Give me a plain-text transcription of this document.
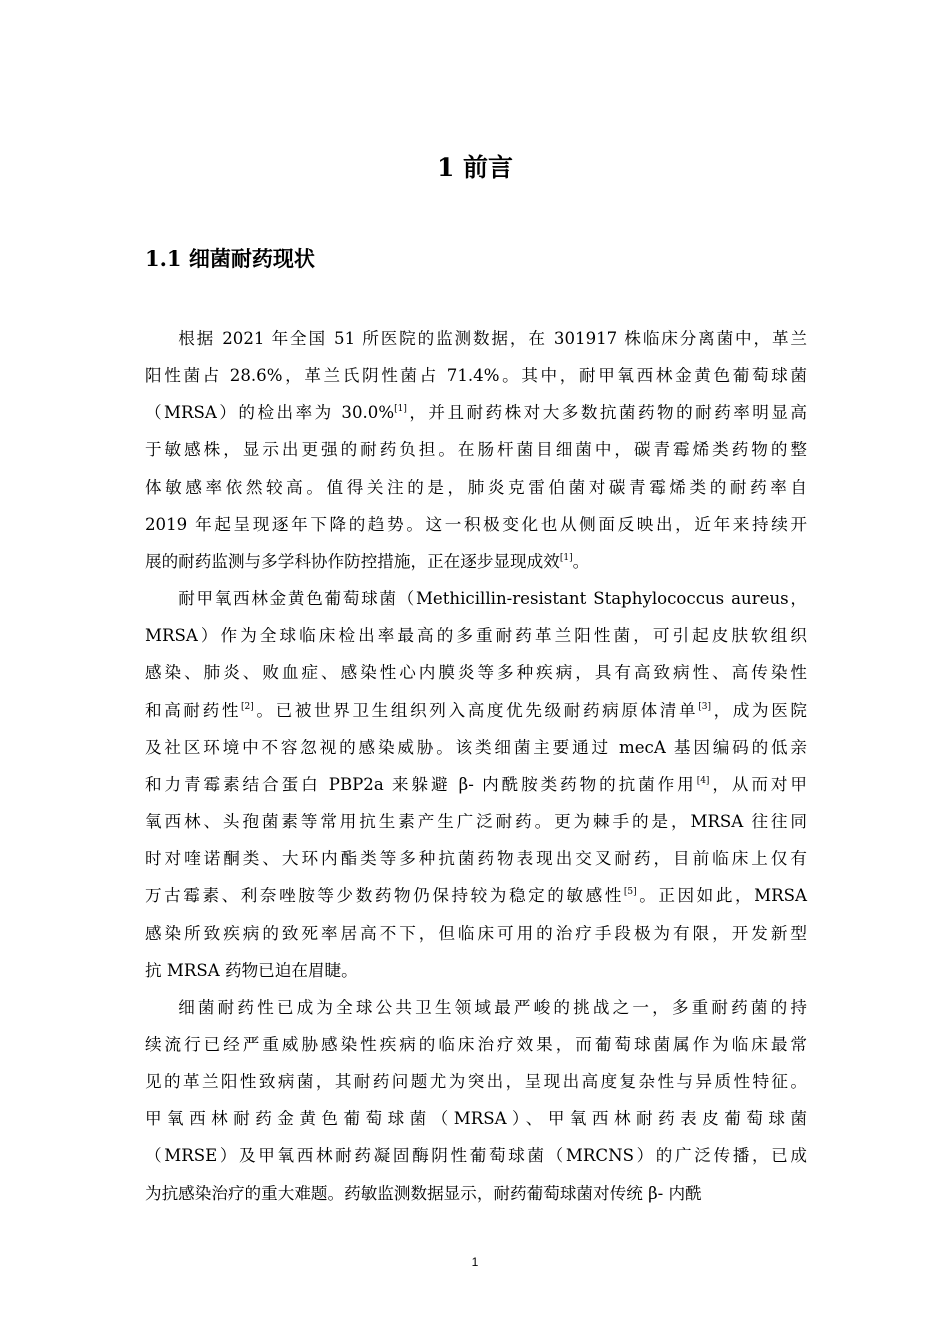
1 前言
1.1 细菌耐药现状

根据 2021 年全国 51 所医院的监测数据，在 301917 株临床分离菌中，革兰
阳性菌占 28.6%，革兰氏阴性菌占 71.4%。其中，耐甲氧西林金黄色葡萄球菌
（MRSA）的检出率为 30.0%[1]，并且耐药株对大多数抗菌药物的耐药率明显高
于敏感株，显示出更强的耐药负担。在肠杆菌目细菌中，碳青霉烯类药物的整
体敏感率依然较高。值得关注的是，肺炎克雷伯菌对碳青霉烯类的耐药率自
2019 年起呈现逐年下降的趋势。这一积极变化也从侧面反映出，近年来持续开
展的耐药监测与多学科协作防控措施，正在逐步显现成效[1]。

耐甲氧西林金黄色葡萄球菌（Methicillin-resistant Staphylococcus aureus，
MRSA）作为全球临床检出率最高的多重耐药革兰阳性菌，可引起皮肤软组织
感染、肺炎、败血症、感染性心内膜炎等多种疾病，具有高致病性、高传染性
和高耐药性[2]。已被世界卫生组织列入高度优先级耐药病原体清单[3]，成为医院
及社区环境中不容忽视的感染威胁。该类细菌主要通过 mecA 基因编码的低亲
和力青霉素结合蛋白 PBP2a 来躲避 β- 内酰胺类药物的抗菌作用[4]，从而对甲
氧西林、头孢菌素等常用抗生素产生广泛耐药。更为棘手的是，MRSA 往往同
时对喹诺酮类、大环内酯类等多种抗菌药物表现出交叉耐药，目前临床上仅有
万古霉素、利奈唑胺等少数药物仍保持较为稳定的敏感性[5]。正因如此，MRSA
感染所致疾病的致死率居高不下，但临床可用的治疗手段极为有限，开发新型
抗 MRSA 药物已迫在眉睫。

细菌耐药性已成为全球公共卫生领域最严峻的挑战之一，多重耐药菌的持
续流行已经严重威胁感染性疾病的临床治疗效果，而葡萄球菌属作为临床最常
见的革兰阳性致病菌，其耐药问题尤为突出，呈现出高度复杂性与异质性特征。
甲氧西林耐药金黄色葡萄球菌（MRSA）、甲氧西林耐药表皮葡萄球菌
（MRSE）及甲氧西林耐药凝固酶阴性葡萄球菌（MRCNS）的广泛传播，已成
为抗感染治疗的重大难题。药敏监测数据显示，耐药葡萄球菌对传统 β- 内酰

1
